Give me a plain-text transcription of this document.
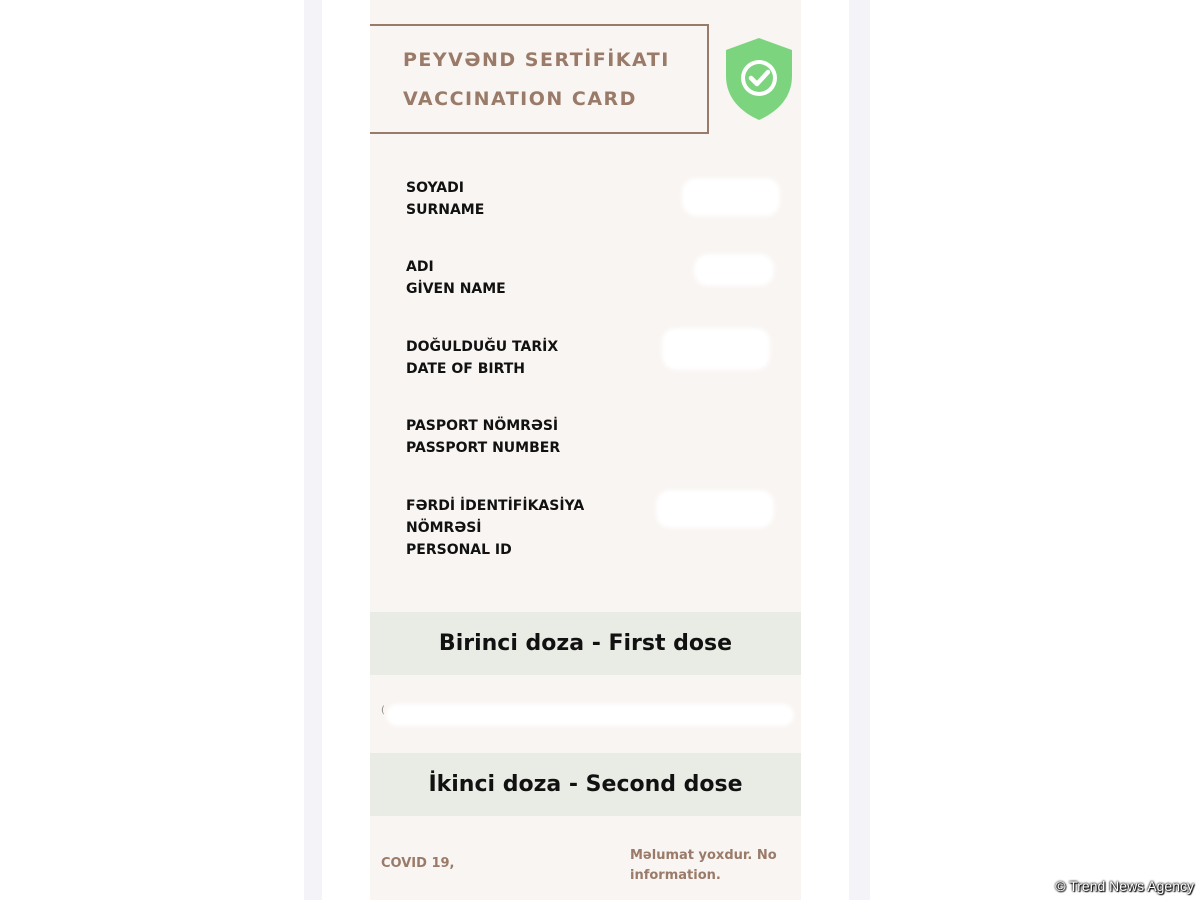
PEYVƏND SERTİFİKATI
VACCINATION CARD
SOYADI
SURNAME
ADI
GİVEN NAME
DOĞULDUĞU TARİX
DATE OF BIRTH
PASPORT NÖMRƏSİ
PASSPORT NUMBER
FƏRDİ İDENTİFİKASİYA
NÖMRƏSİ
PERSONAL ID
Birinci doza - First dose
(
İkinci doza - Second dose
COVID 19,
Məlumat yoxdur. No information.
© Trend News Agency
